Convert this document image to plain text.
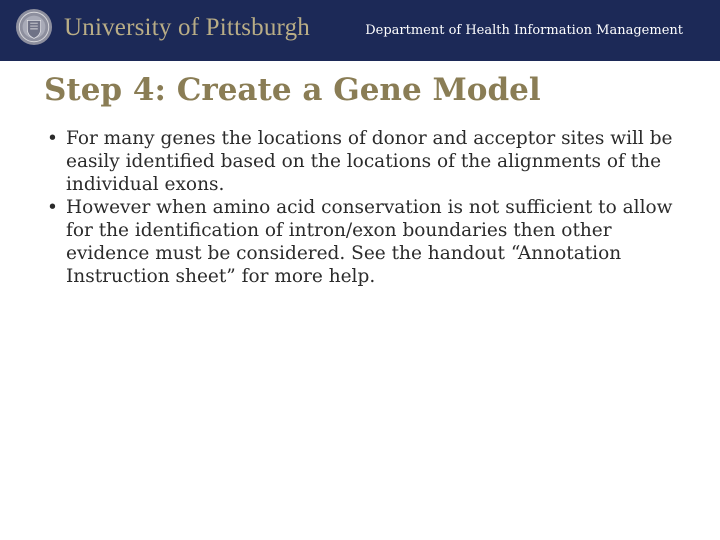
University of Pittsburgh	Department of Health Information Management
Step 4: Create a Gene Model
• For many genes the locations of donor and acceptor sites will be easily identified based on the locations of the alignments of the individual exons.
• However when amino acid conservation is not sufficient to allow for the identification of intron/exon boundaries then other evidence must be considered. See the handout “Annotation Instruction sheet” for more help.
